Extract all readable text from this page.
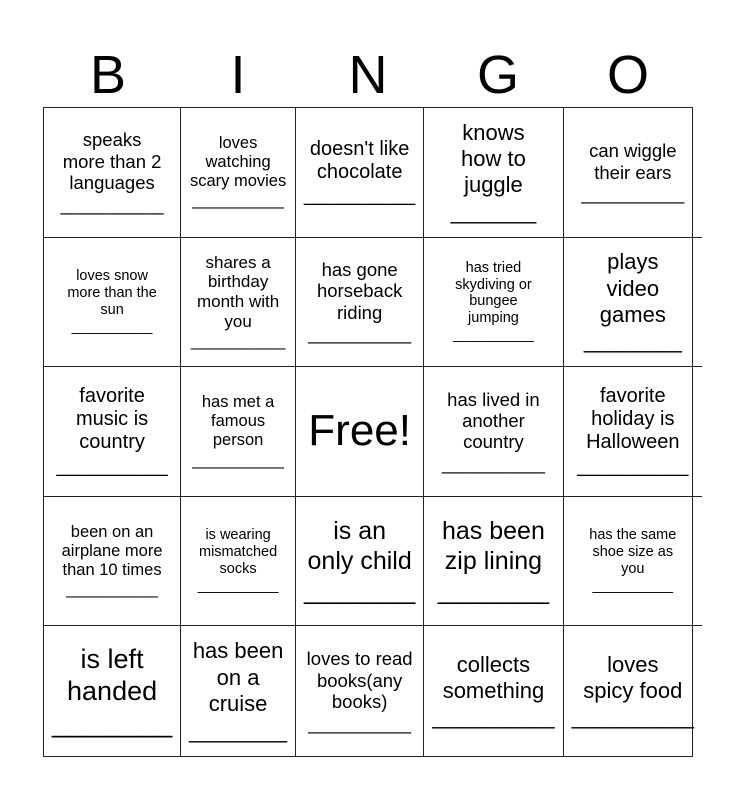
B	I	N	G	O
speaks
more than 2
languages
__________
loves
watching
scary movies
__________
doesn't like
chocolate
__________
knows
how to
juggle
_______
can wiggle
their ears
__________
loves snow
more than the
sun
__________
shares a
birthday
month with
you
__________
has gone
horseback
riding
__________
has tried
skydiving or
bungee
jumping
__________
plays
video
games
________
favorite
music is
country
__________
has met a
famous
person
__________
Free!
has lived in
another
country
__________
favorite
holiday is
Halloween
__________
been on an
airplane more
than 10 times
__________
is wearing
mismatched
socks
__________
is an
only child
________
has been
zip lining
________
has the same
shoe size as
you
__________
is left
handed
________
has been
on a
cruise
________
loves to read
books(any
books)
__________
collects
something
__________
loves
spicy food
__________
